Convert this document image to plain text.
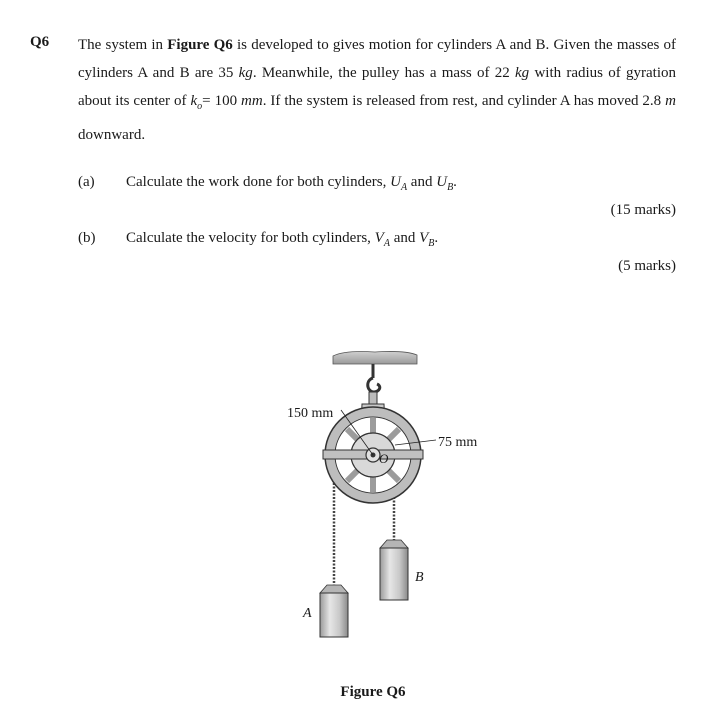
Q6 The system in Figure Q6 is developed to gives motion for cylinders A and B. Given the masses of cylinders A and B are 35 kg. Meanwhile, the pulley has a mass of 22 kg with radius of gyration about its center of $k_o= 100$ mm. If the system is released from rest, and cylinder A has moved 2.8 m downward.
(a) Calculate the work done for both cylinders, $U_A$ and $U_B$.
(15 marks)
(b) Calculate the velocity for both cylinders, $V_A$ and $V_B$.
(5 marks)
150 mm
75 mm
O
A
B
Figure Q6
